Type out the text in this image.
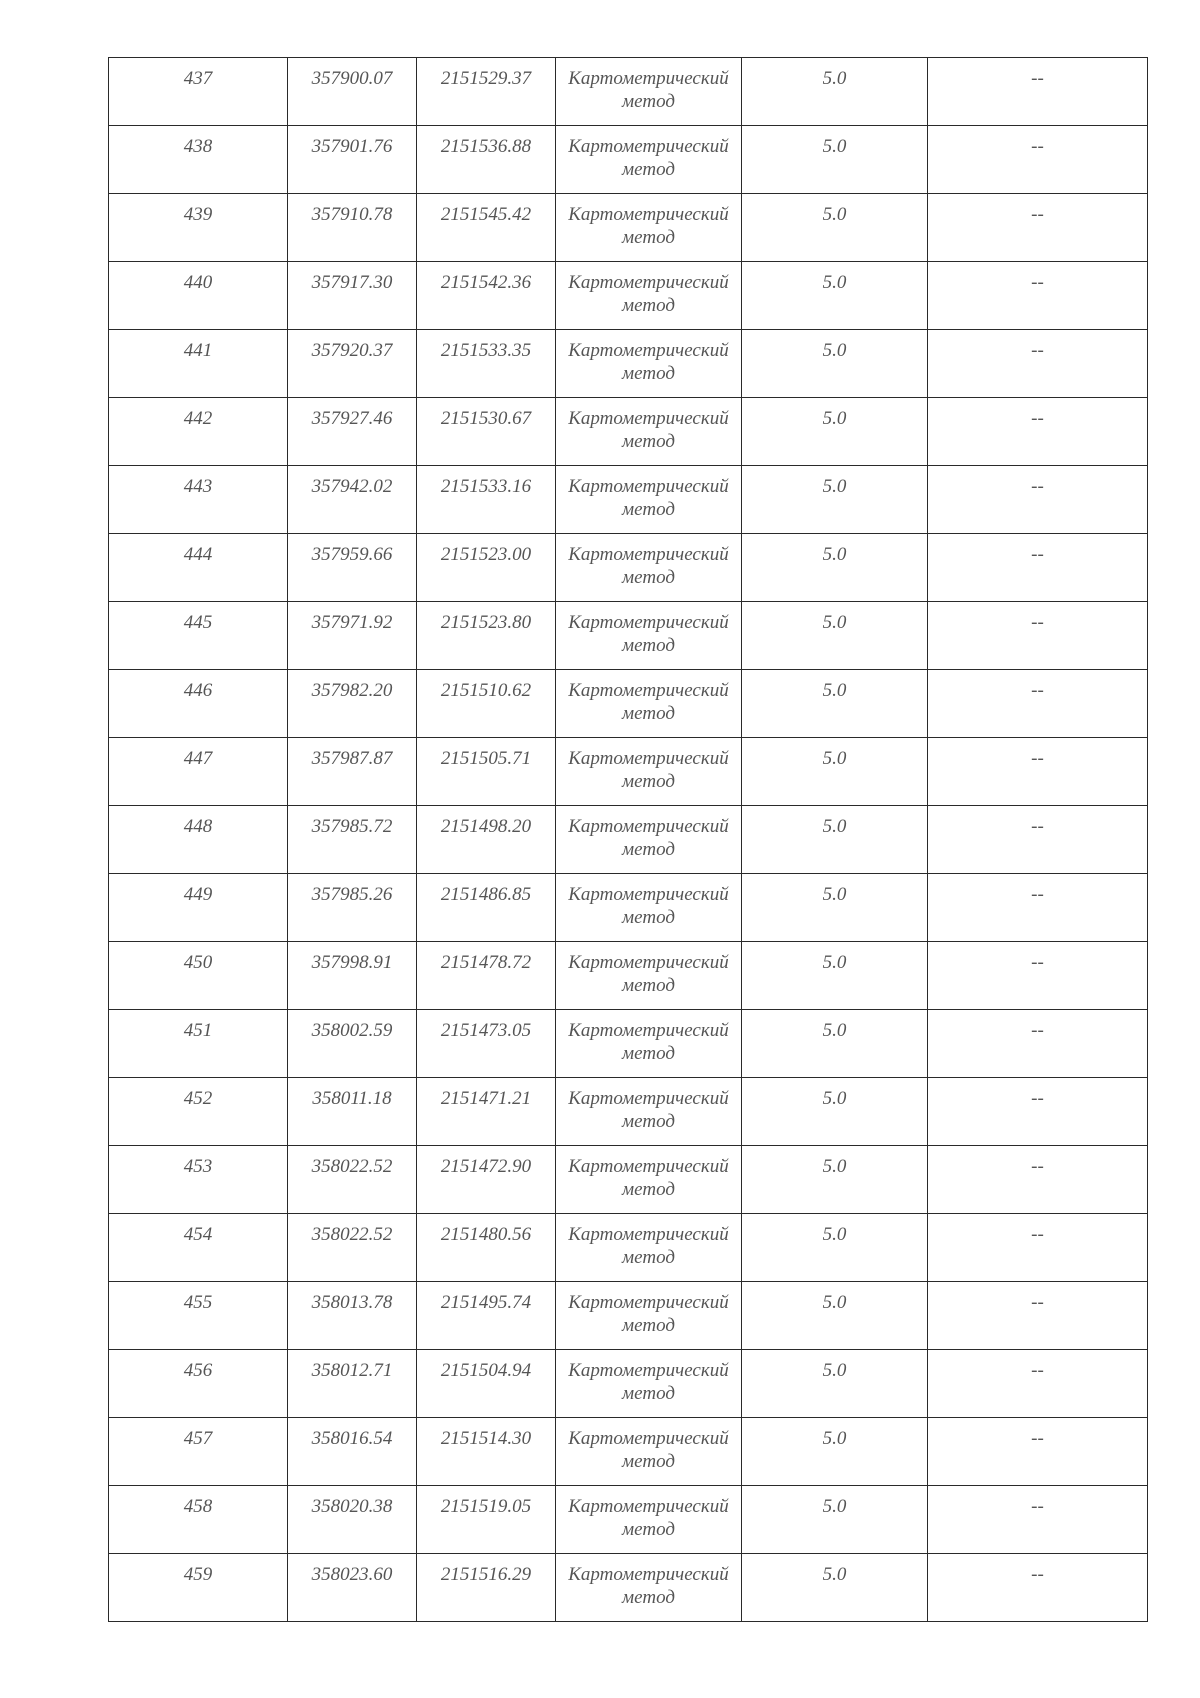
437	357900.07	2151529.37	Картометрический
метод	5.0	--
438	357901.76	2151536.88	Картометрический
метод	5.0	--
439	357910.78	2151545.42	Картометрический
метод	5.0	--
440	357917.30	2151542.36	Картометрический
метод	5.0	--
441	357920.37	2151533.35	Картометрический
метод	5.0	--
442	357927.46	2151530.67	Картометрический
метод	5.0	--
443	357942.02	2151533.16	Картометрический
метод	5.0	--
444	357959.66	2151523.00	Картометрический
метод	5.0	--
445	357971.92	2151523.80	Картометрический
метод	5.0	--
446	357982.20	2151510.62	Картометрический
метод	5.0	--
447	357987.87	2151505.71	Картометрический
метод	5.0	--
448	357985.72	2151498.20	Картометрический
метод	5.0	--
449	357985.26	2151486.85	Картометрический
метод	5.0	--
450	357998.91	2151478.72	Картометрический
метод	5.0	--
451	358002.59	2151473.05	Картометрический
метод	5.0	--
452	358011.18	2151471.21	Картометрический
метод	5.0	--
453	358022.52	2151472.90	Картометрический
метод	5.0	--
454	358022.52	2151480.56	Картометрический
метод	5.0	--
455	358013.78	2151495.74	Картометрический
метод	5.0	--
456	358012.71	2151504.94	Картометрический
метод	5.0	--
457	358016.54	2151514.30	Картометрический
метод	5.0	--
458	358020.38	2151519.05	Картометрический
метод	5.0	--
459	358023.60	2151516.29	Картометрический
метод	5.0	--
